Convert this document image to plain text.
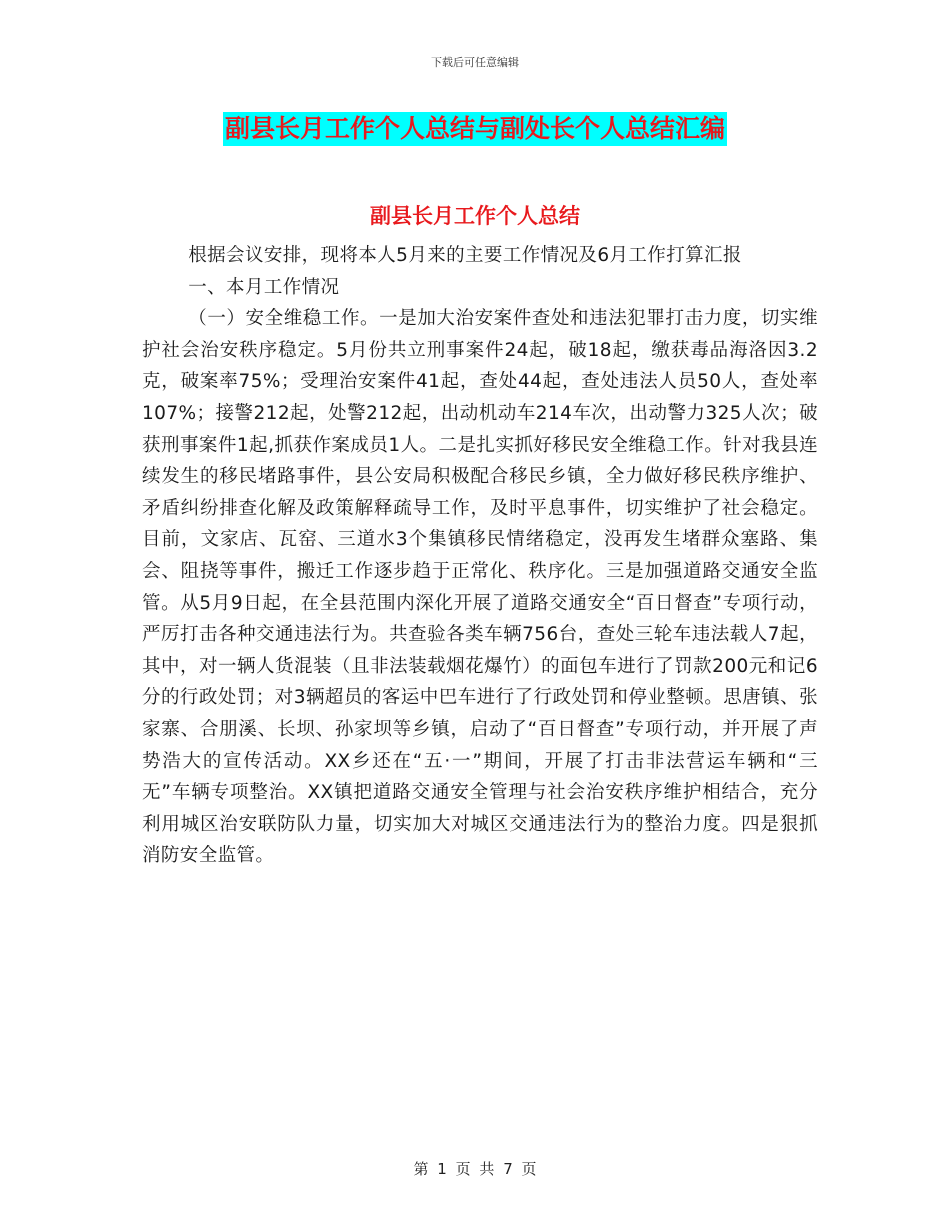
下载后可任意编辑
副县长月工作个人总结与副处长个人总结汇编
副县长月工作个人总结

根据会议安排，现将本人5月来的主要工作情况及6月工作打算汇报

一、本月工作情况

（一）安全维稳工作。一是加大治安案件查处和违法犯罪打击力度，切实维护社会治安秩序稳定。5月份共立刑事案件24起，破18起，缴获毒品海洛因3.2克，破案率75%；受理治安案件41起，查处44起，查处违法人员50人，查处率107%；接警212起，处警212起，出动机动车214车次，出动警力325人次；破获刑事案件1起,抓获作案成员1人。二是扎实抓好移民安全维稳工作。针对我县连续发生的移民堵路事件，县公安局积极配合移民乡镇，全力做好移民秩序维护、矛盾纠纷排查化解及政策解释疏导工作，及时平息事件，切实维护了社会稳定。目前，文家店、瓦窑、三道水3个集镇移民情绪稳定，没再发生堵群众塞路、集会、阻挠等事件，搬迁工作逐步趋于正常化、秩序化。三是加强道路交通安全监管。从5月9日起，在全县范围内深化开展了道路交通安全“百日督查”专项行动，严厉打击各种交通违法行为。共查验各类车辆756台，查处三轮车违法载人7起，其中，对一辆人货混装（且非法装载烟花爆竹）的面包车进行了罚款200元和记6分的行政处罚；对3辆超员的客运中巴车进行了行政处罚和停业整顿。思唐镇、张家寨、合朋溪、长坝、孙家坝等乡镇，启动了“百日督查”专项行动，并开展了声势浩大的宣传活动。XX乡还在“五·一”期间，开展了打击非法营运车辆和“三无”车辆专项整治。XX镇把道路交通安全管理与社会治安秩序维护相结合，充分利用城区治安联防队力量，切实加大对城区交通违法行为的整治力度。四是狠抓消防安全监管。

第 1 页 共 7 页
